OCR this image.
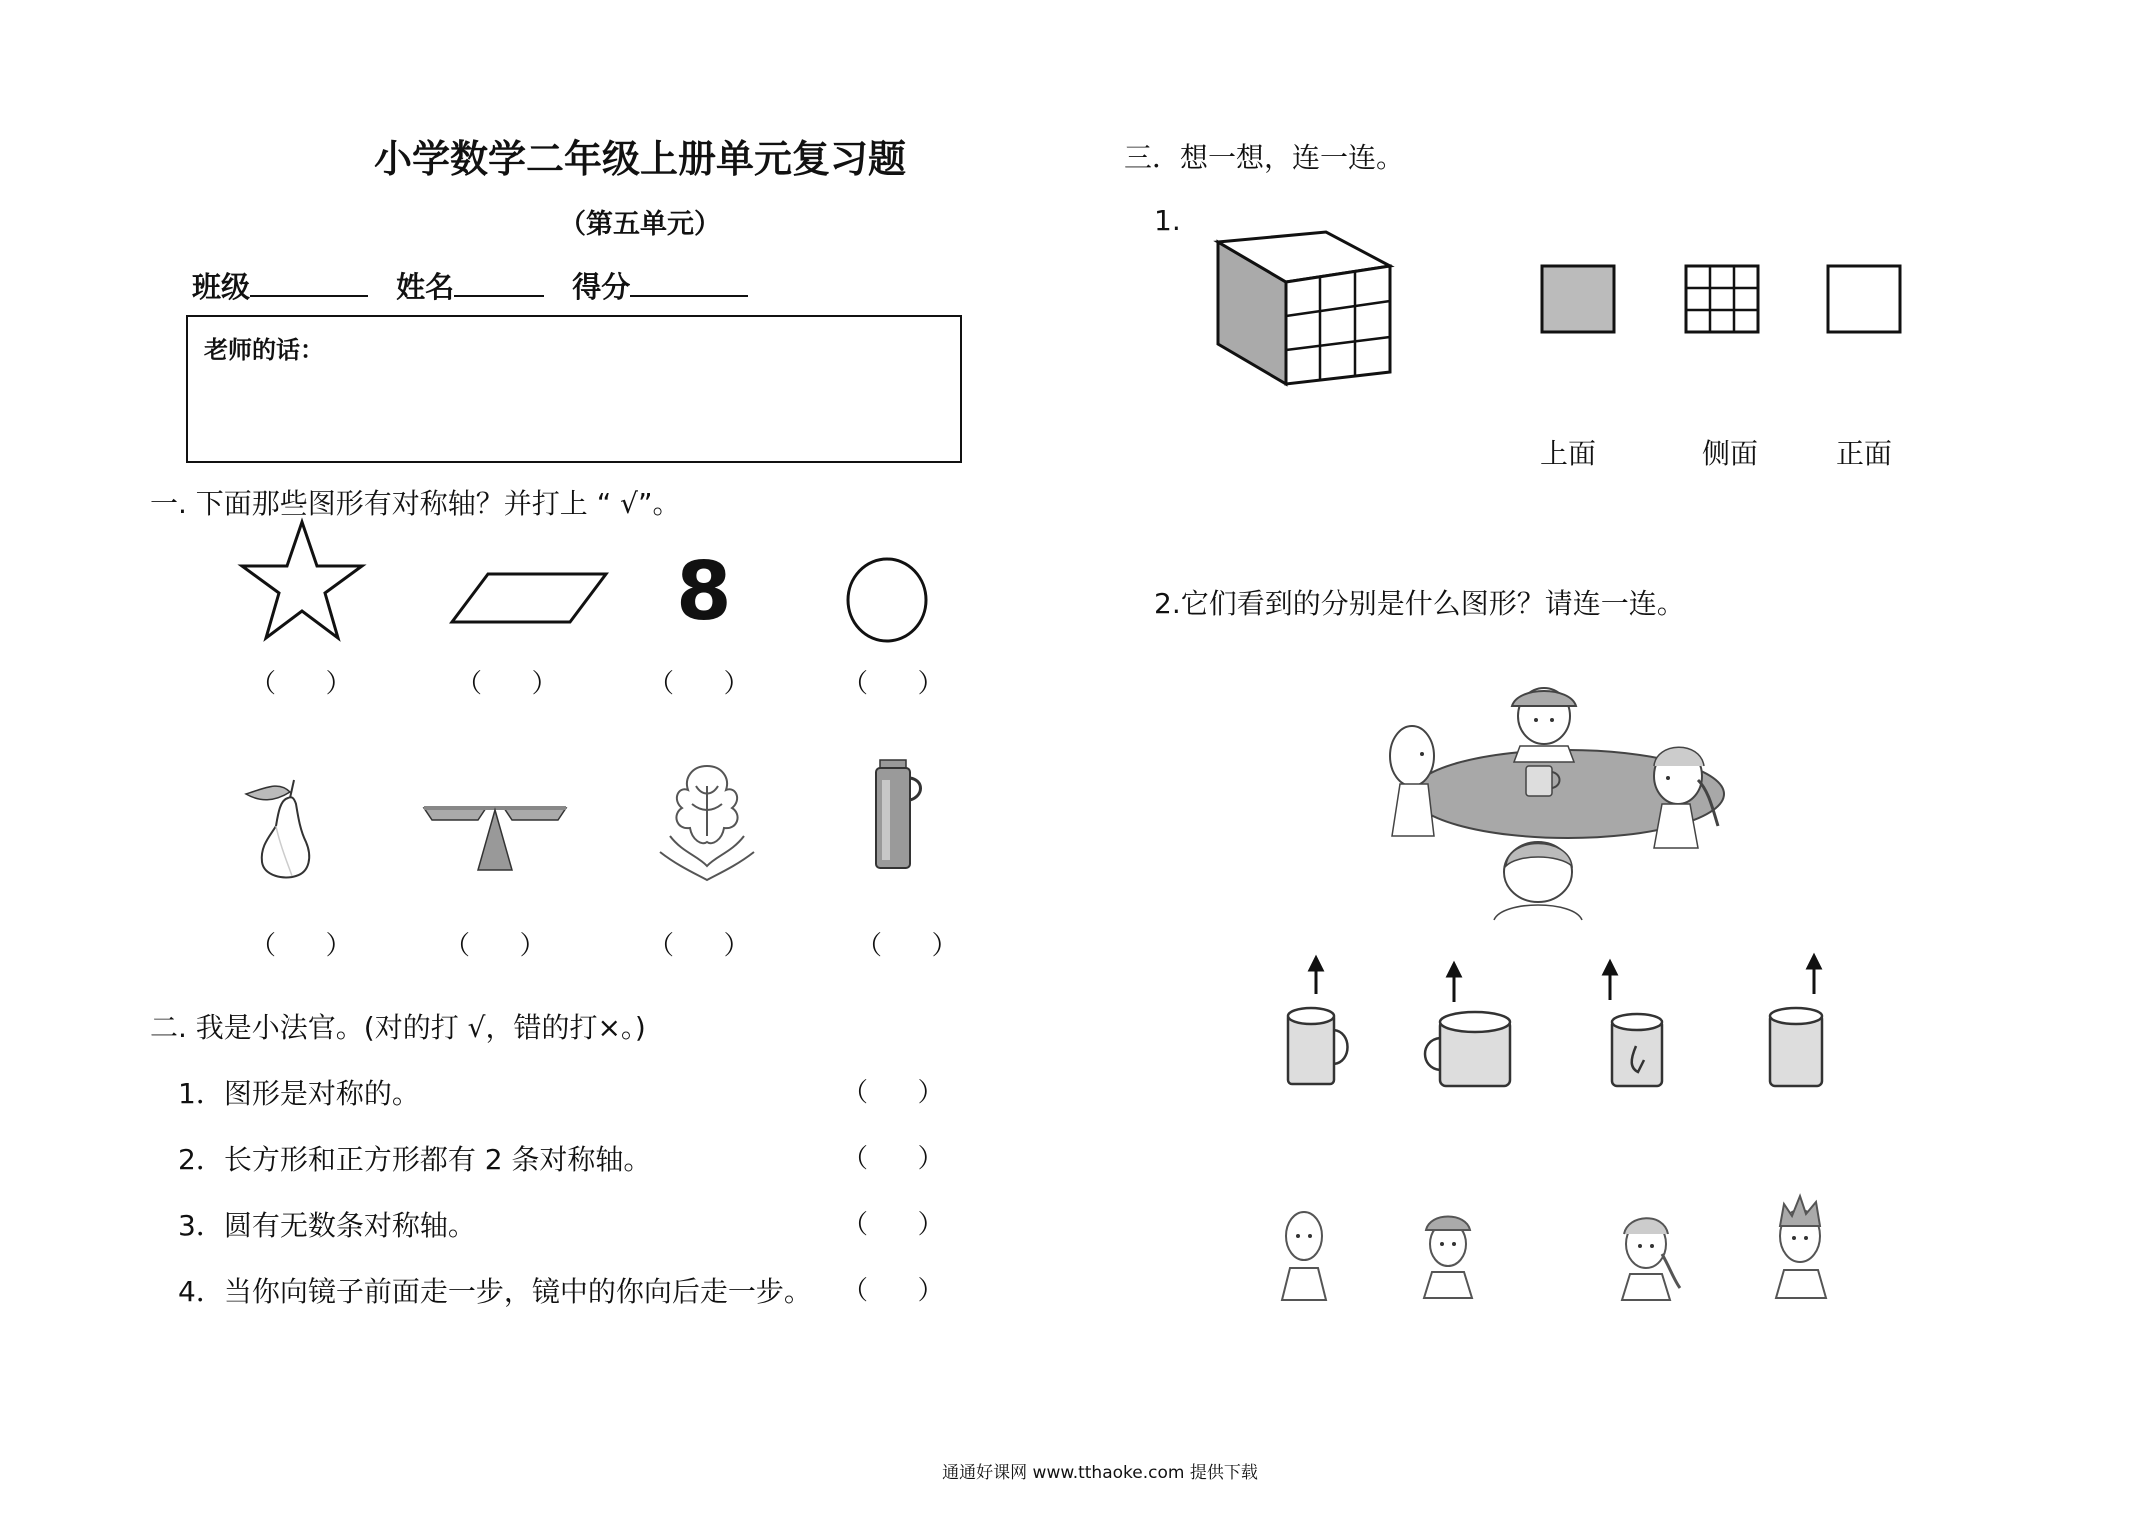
小学数学二年级上册单元复习题
（第五单元）
班级	姓名	得分
老师的话：
一. 下面那些图形有对称轴？并打上 “ √”。
8
（      ）	（      ）	（      ）	（      ）
（      ）	（      ）	（      ）	（      ）
二. 我是小法官。(对的打 √，错的打×。)
1．图形是对称的。	（      ）
2．长方形和正方形都有 2 条对称轴。	（      ）
3．圆有无数条对称轴。	（      ）
4．当你向镜子前面走一步，镜中的你向后走一步。 （      ）
三．想一想，连一连。
1.
上面	侧面	正面
2.它们看到的分别是什么图形？请连一连。
通通好课网 www.tthaoke.com 提供下载
